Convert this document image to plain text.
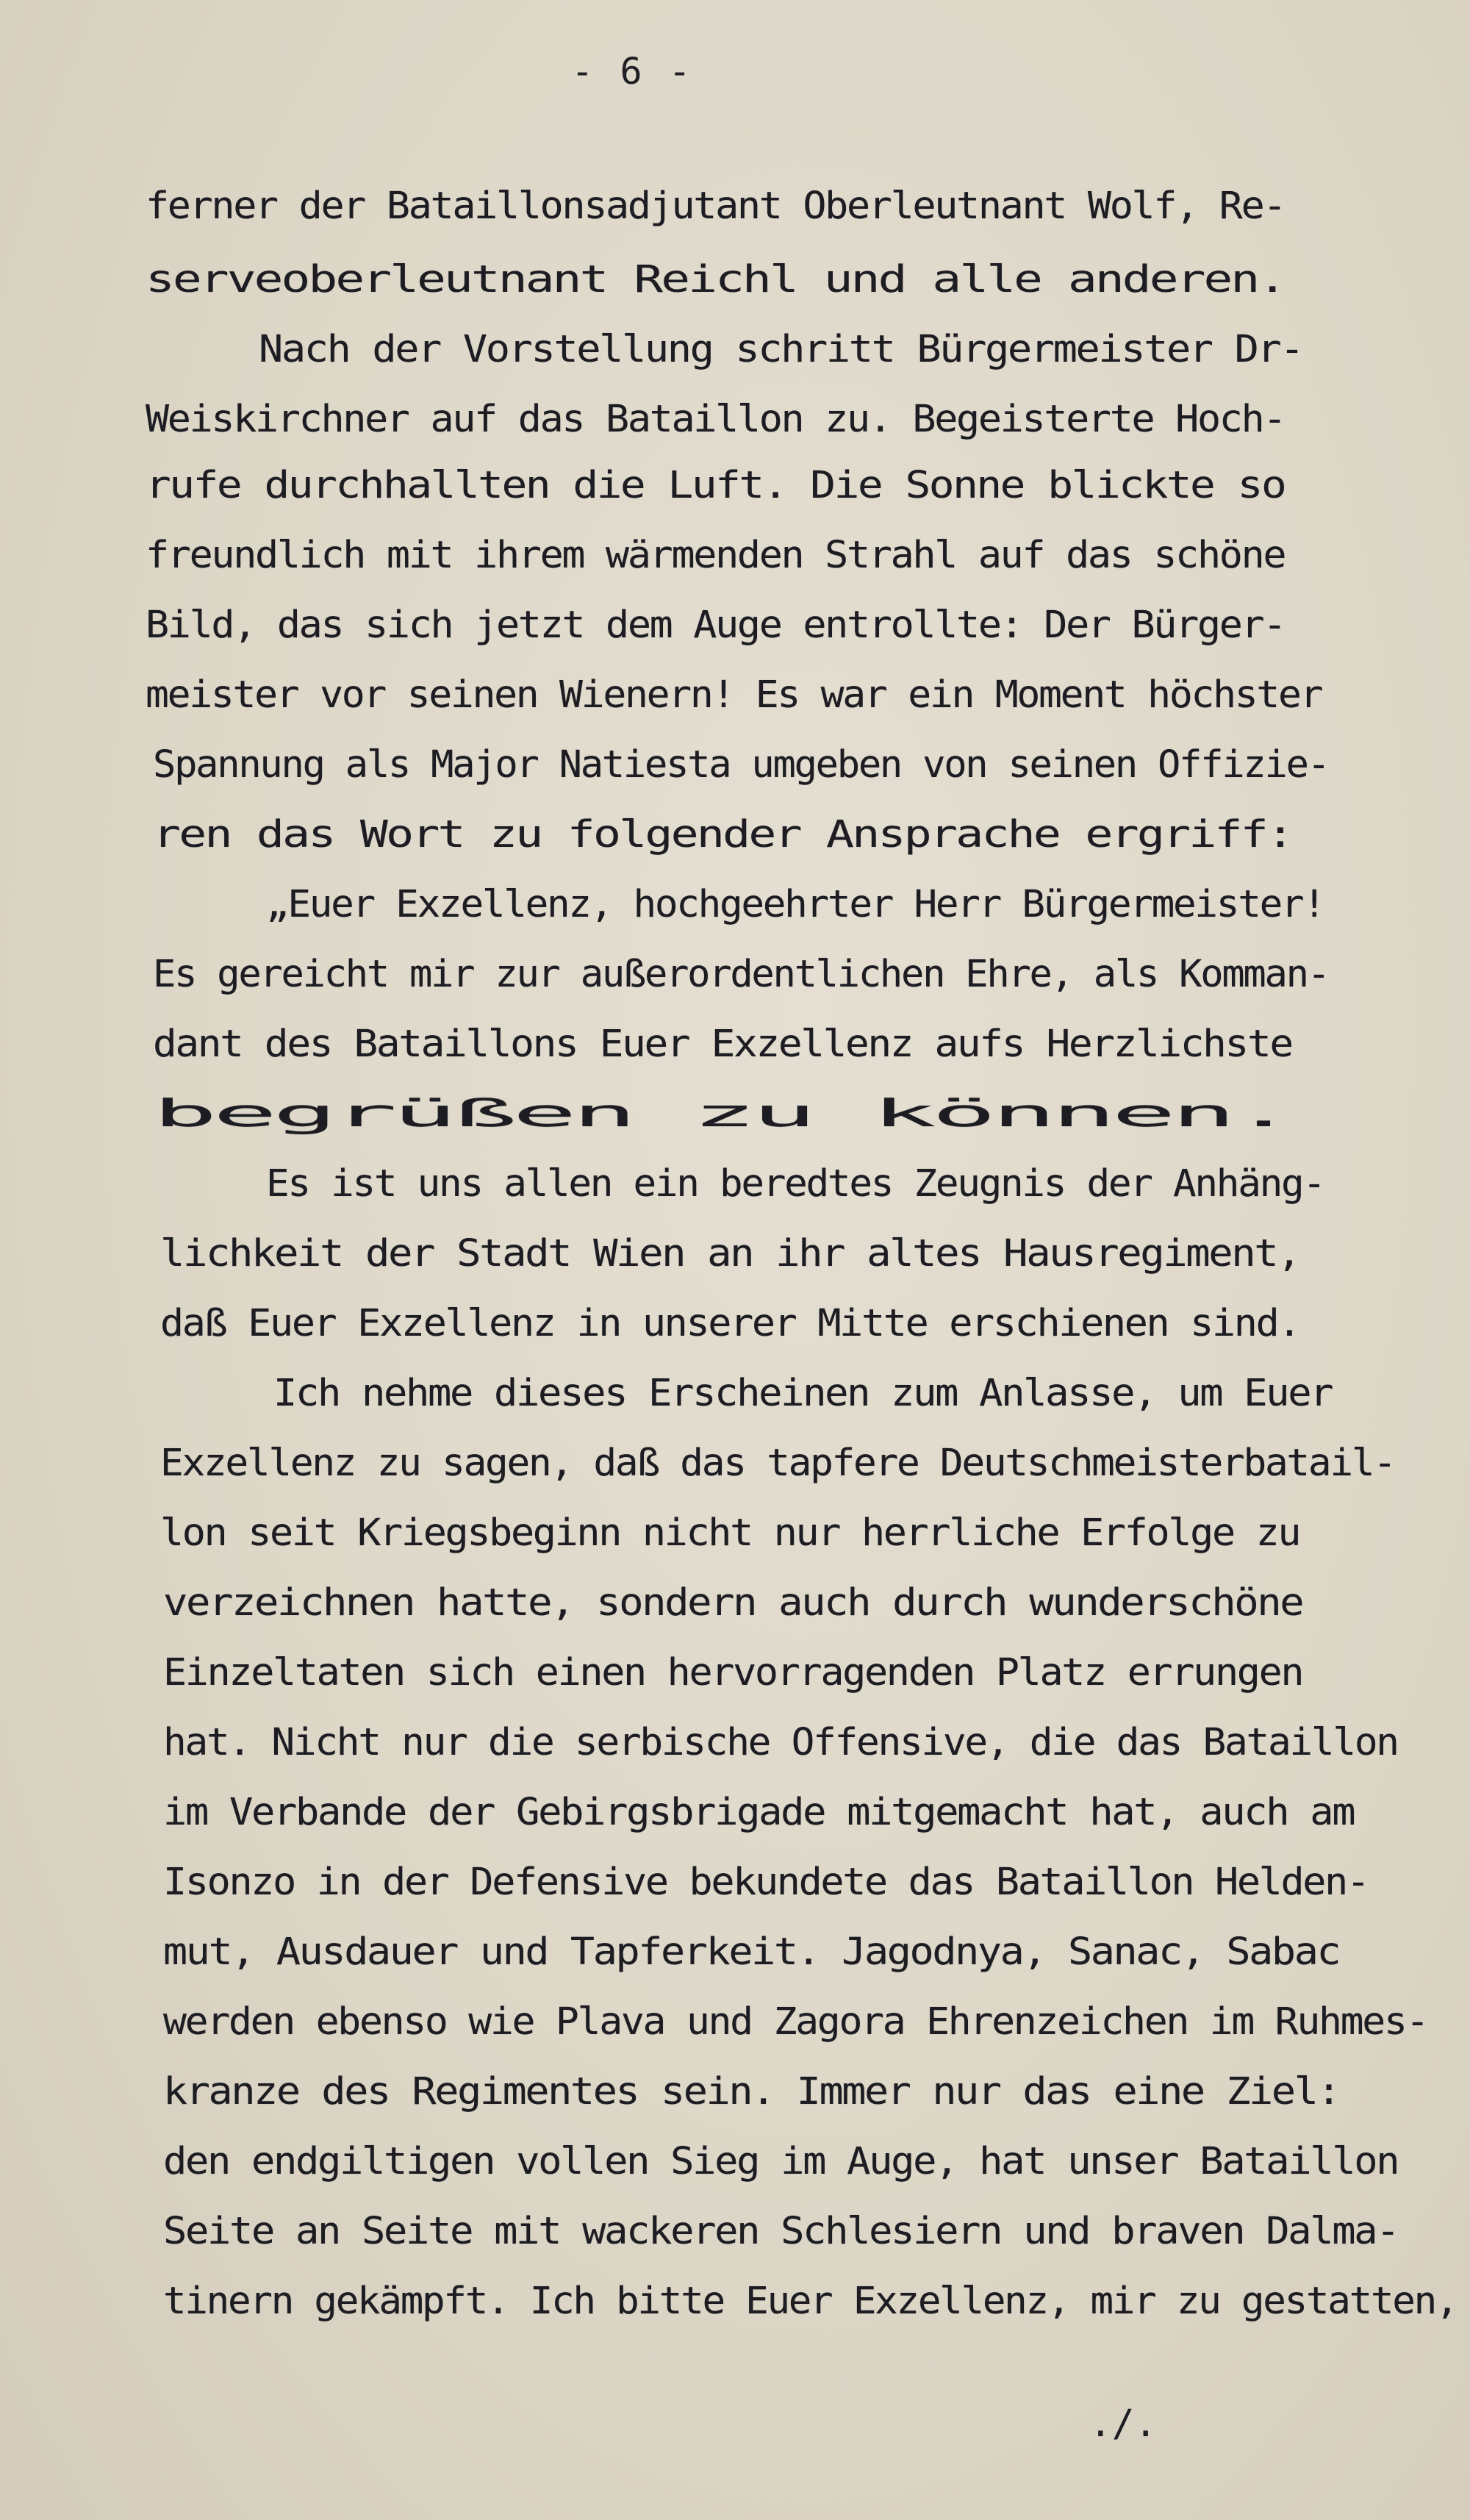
- 6 -
ferner der Bataillonsadjutant Oberleutnant Wolf, Re-
serveoberleutnant Reichl und alle anderen.
Nach der Vorstellung schritt Bürgermeister Dr-
Weiskirchner auf das Bataillon zu. Begeisterte Hoch-
rufe durchhallten die Luft. Die Sonne blickte so
freundlich mit ihrem wärmenden Strahl auf das schöne
Bild, das sich jetzt dem Auge entrollte: Der Bürger-
meister vor seinen Wienern! Es war ein Moment höchster
Spannung als Major Natiesta umgeben von seinen Offizie-
ren das Wort zu folgender Ansprache ergriff:
„Euer Exzellenz, hochgeehrter Herr Bürgermeister!
Es gereicht mir zur außerordentlichen Ehre, als Komman-
dant des Bataillons Euer Exzellenz aufs Herzlichste
begrüßen zu können.
Es ist uns allen ein beredtes Zeugnis der Anhäng-
lichkeit der Stadt Wien an ihr altes Hausregiment,
daß Euer Exzellenz in unserer Mitte erschienen sind.
Ich nehme dieses Erscheinen zum Anlasse, um Euer
Exzellenz zu sagen, daß das tapfere Deutschmeisterbatail-
lon seit Kriegsbeginn nicht nur herrliche Erfolge zu
verzeichnen hatte, sondern auch durch wunderschöne
Einzeltaten sich einen hervorragenden Platz errungen
hat. Nicht nur die serbische Offensive, die das Bataillon
im Verbande der Gebirgsbrigade mitgemacht hat, auch am
Isonzo in der Defensive bekundete das Bataillon Helden-
mut, Ausdauer und Tapferkeit. Jagodnya, Sanac, Sabac
werden ebenso wie Plava und Zagora Ehrenzeichen im Ruhmes-
kranze des Regimentes sein. Immer nur das eine Ziel:
den endgiltigen vollen Sieg im Auge, hat unser Bataillon
Seite an Seite mit wackeren Schlesiern und braven Dalma-
tinern gekämpft. Ich bitte Euer Exzellenz, mir zu gestatten,
./.
